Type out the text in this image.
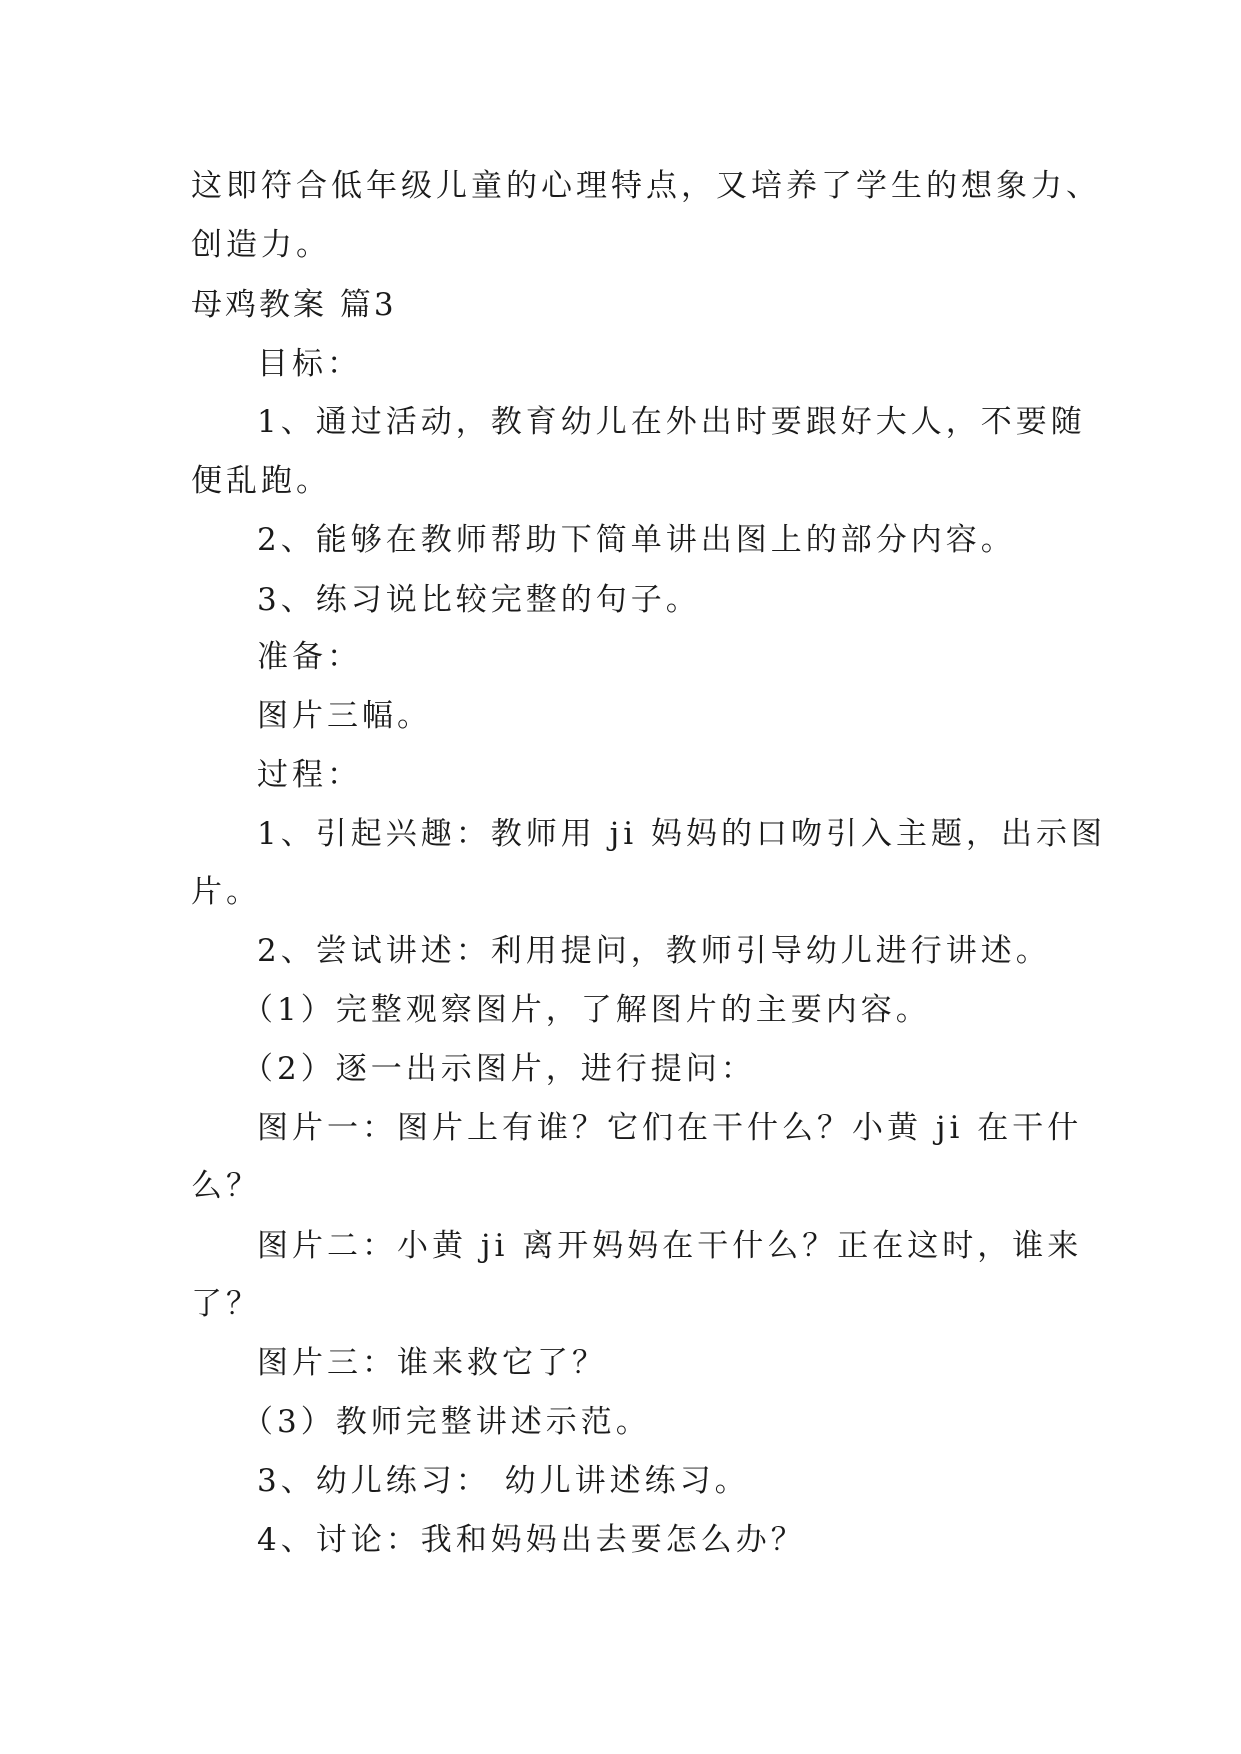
这即符合低年级儿童的心理特点，又培养了学生的想象力、
创造力。
母鸡教案 篇3
目标：
1、通过活动，教育幼儿在外出时要跟好大人，不要随
便乱跑。
2、能够在教师帮助下简单讲出图上的部分内容。
3、练习说比较完整的句子。
准备：
图片三幅。
过程：
1、引起兴趣：教师用 ji 妈妈的口吻引入主题，出示图
片。
2、尝试讲述：利用提问，教师引导幼儿进行讲述。
（1）完整观察图片，了解图片的主要内容。
（2）逐一出示图片，进行提问：
图片一：图片上有谁？它们在干什么？小黄 ji 在干什
么？
图片二：小黄 ji 离开妈妈在干什么？正在这时，谁来
了？
图片三：谁来救它了？
（3）教师完整讲述示范。
3、幼儿练习： 幼儿讲述练习。
4、讨论：我和妈妈出去要怎么办？
